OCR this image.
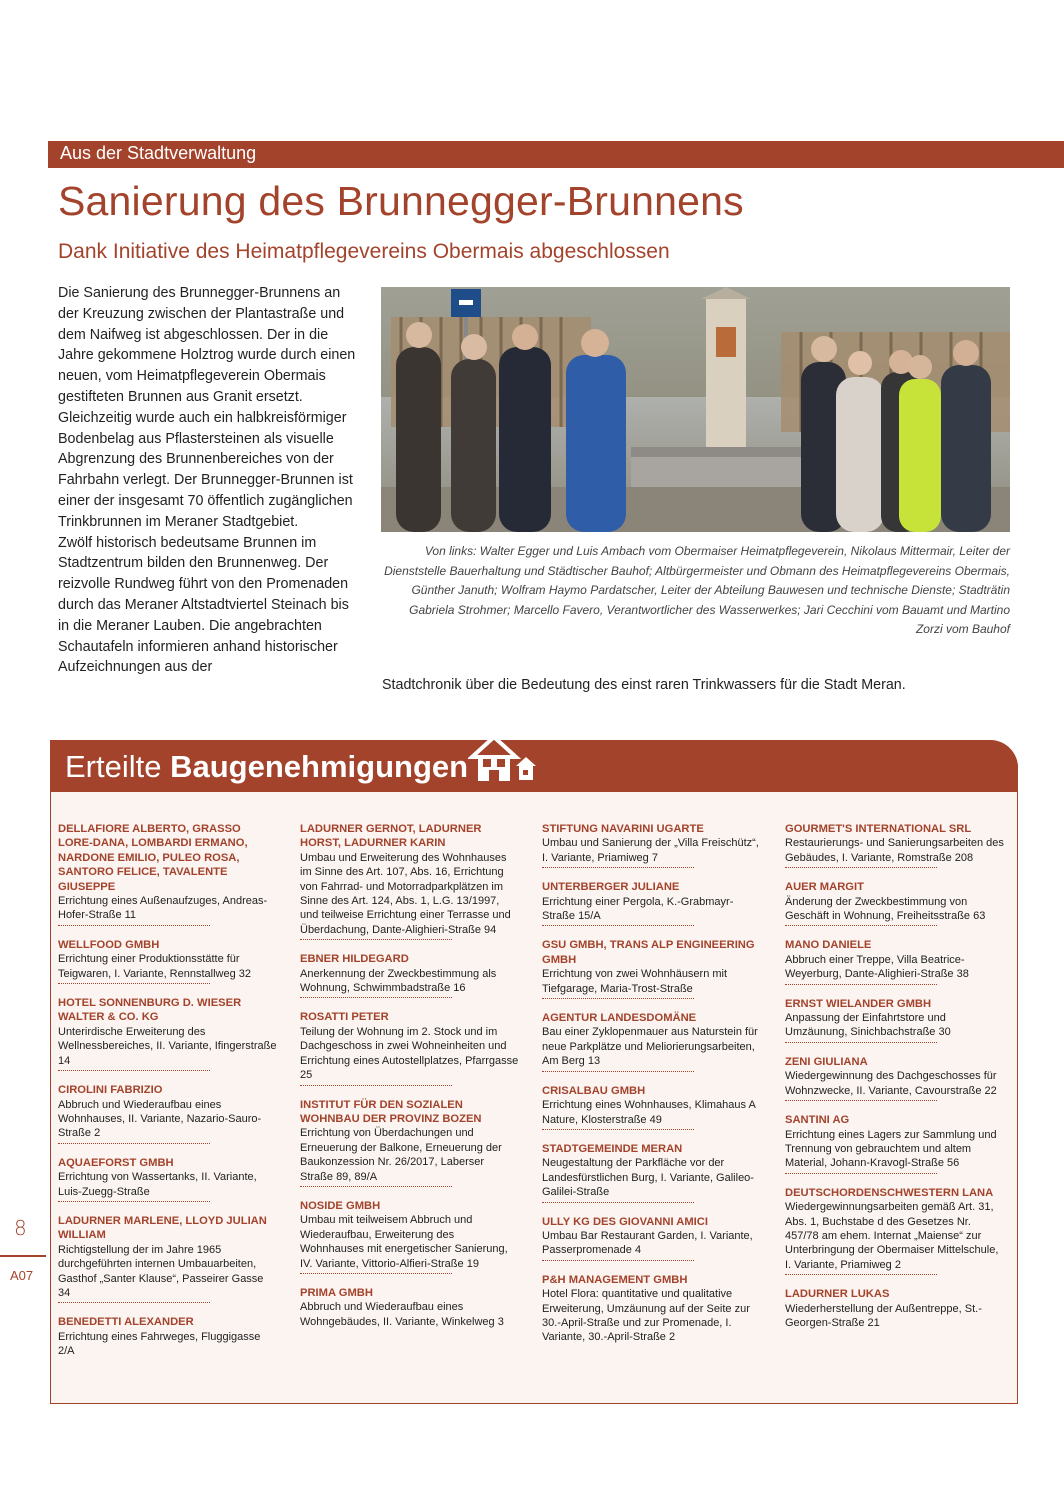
Aus der Stadtverwaltung
Sanierung des Brunnegger-Brunnens
Dank Initiative des Heimatpflegevereins Obermais abgeschlossen
Die Sanierung des Brunnegger-Brunnens an der Kreuzung zwischen der Plantastraße und dem Naifweg ist abgeschlossen. Der in die Jahre gekommene Holztrog wurde durch einen neuen, vom Heimatpflegeverein Obermais gestifteten Brunnen aus Granit ersetzt. Gleichzeitig wurde auch ein halbkreisförmiger Bodenbelag aus Pflastersteinen als visuelle Abgrenzung des Brunnenbereiches von der Fahrbahn verlegt. Der Brunnegger-Brunnen ist einer der insgesamt 70 öffentlich zugänglichen Trinkbrunnen im Meraner Stadtgebiet.
Zwölf historisch bedeutsame Brunnen im Stadtzentrum bilden den Brunnenweg. Der reizvolle Rundweg führt von den Promenaden durch das Meraner Altstadtviertel Steinach bis in die Meraner Lauben. Die angebrachten Schautafeln informieren anhand historischer Aufzeichnungen aus der

Von links: Walter Egger und Luis Ambach vom Obermaiser Heimatpflegeverein, Nikolaus Mittermair, Leiter der Dienststelle Bauerhaltung und Städtischer Bauhof; Altbürgermeister und Obmann des Heimatpflegevereins Obermais, Günther Januth; Wolfram Haymo Pardatscher, Leiter der Abteilung Bauwesen und technische Dienste; Stadträtin Gabriela Strohmer; Marcello Favero, Verantwortlicher des Wasserwerkes; Jari Cecchini vom Bauamt und Martino Zorzi vom Bauhof

Stadtchronik über die Bedeutung des einst raren Trinkwassers für die Stadt Meran.

Erteilte Baugenehmigungen
DELLAFIORE ALBERTO, GRASSO LORE-DANA, LOMBARDI ERMANO, NARDONE EMILIO, PULEO ROSA, SANTORO FELICE, TAVALENTE GIUSEPPE
Errichtung eines Außenaufzuges, Andreas-Hofer-Straße 11
WELLFOOD GMBH
Errichtung einer Produktionsstätte für Teigwaren, I. Variante, Rennstallweg 32
HOTEL SONNENBURG D. WIESER WALTER & CO. KG
Unterirdische Erweiterung des Wellnessbereiches, II. Variante, Ifingerstraße 14
CIROLINI FABRIZIO
Abbruch und Wiederaufbau eines Wohnhauses, II. Variante, Nazario-Sauro-Straße 2
AQUAEFORST GMBH
Errichtung von Wassertanks, II. Variante, Luis-Zuegg-Straße
LADURNER MARLENE, LLOYD JULIAN WILLIAM
Richtigstellung der im Jahre 1965 durchgeführten internen Umbauarbeiten, Gasthof „Santer Klause“, Passeirer Gasse 34
BENEDETTI ALEXANDER
Errichtung eines Fahrweges, Fluggigasse 2/A
LADURNER GERNOT, LADURNER HORST, LADURNER KARIN
Umbau und Erweiterung des Wohnhauses im Sinne des Art. 107, Abs. 16, Errichtung von Fahrrad- und Motorradparkplätzen im Sinne des Art. 124, Abs. 1, L.G. 13/1997, und teilweise Errichtung einer Terrasse und Überdachung, Dante-Alighieri-Straße 94
EBNER HILDEGARD
Anerkennung der Zweckbestimmung als Wohnung, Schwimmbadstraße 16
ROSATTI PETER
Teilung der Wohnung im 2. Stock und im Dachgeschoss in zwei Wohneinheiten und Errichtung eines Autostellplatzes, Pfarrgasse 25
INSTITUT FÜR DEN SOZIALEN WOHNBAU DER PROVINZ BOZEN
Errichtung von Überdachungen und Erneuerung der Balkone, Erneuerung der Baukonzession Nr. 26/2017, Laberser Straße 89, 89/A
NOSIDE GMBH
Umbau mit teilweisem Abbruch und Wiederaufbau, Erweiterung des Wohnhauses mit energetischer Sanierung, IV. Variante, Vittorio-Alfieri-Straße 19
PRIMA GMBH
Abbruch und Wiederaufbau eines Wohngebäudes, II. Variante, Winkelweg 3
STIFTUNG NAVARINI UGARTE
Umbau und Sanierung der „Villa Freischütz“, I. Variante, Priamiweg 7
UNTERBERGER JULIANE
Errichtung einer Pergola, K.-Grabmayr-Straße 15/A
GSU GMBH, TRANS ALP ENGINEERING GMBH
Errichtung von zwei Wohnhäusern mit Tiefgarage, Maria-Trost-Straße
AGENTUR LANDESDOMÄNE
Bau einer Zyklopenmauer aus Naturstein für neue Parkplätze und Meliorierungsarbeiten, Am Berg 13
CRISALBAU GMBH
Errichtung eines Wohnhauses, Klimahaus A Nature, Klosterstraße 49
STADTGEMEINDE MERAN
Neugestaltung der Parkfläche vor der Landesfürstlichen Burg, I. Variante, Galileo-Galilei-Straße
ULLY KG DES GIOVANNI AMICI
Umbau Bar Restaurant Garden, I. Variante, Passerpromenade 4
P&H MANAGEMENT GMBH
Hotel Flora: quantitative und qualitative Erweiterung, Umzäunung auf der Seite zur 30.-April-Straße und zur Promenade, I. Variante, 30.-April-Straße 2
GOURMET'S INTERNATIONAL SRL
Restaurierungs- und Sanierungsarbeiten des Gebäudes, I. Variante, Romstraße 208
AUER MARGIT
Änderung der Zweckbestimmung von Geschäft in Wohnung, Freiheitsstraße 63
MANO DANIELE
Abbruch einer Treppe, Villa Beatrice-Weyerburg, Dante-Alighieri-Straße 38
ERNST WIELANDER GMBH
Anpassung der Einfahrtstore und Umzäunung, Sinichbachstraße 30
ZENI GIULIANA
Wiedergewinnung des Dachgeschosses für Wohnzwecke, II. Variante, Cavourstraße 22
SANTINI AG
Errichtung eines Lagers zur Sammlung und Trennung von gebrauchtem und altem Material, Johann-Kravogl-Straße 56
DEUTSCHORDENSCHWESTERN LANA
Wiedergewinnungsarbeiten gemäß Art. 31, Abs. 1, Buchstabe d des Gesetzes Nr. 457/78 am ehem. Internat „Maiense“ zur Unterbringung der Obermaiser Mittelschule, I. Variante, Priamiweg 2
LADURNER LUKAS
Wiederherstellung der Außentreppe, St.-Georgen-Straße 21
8
A07
